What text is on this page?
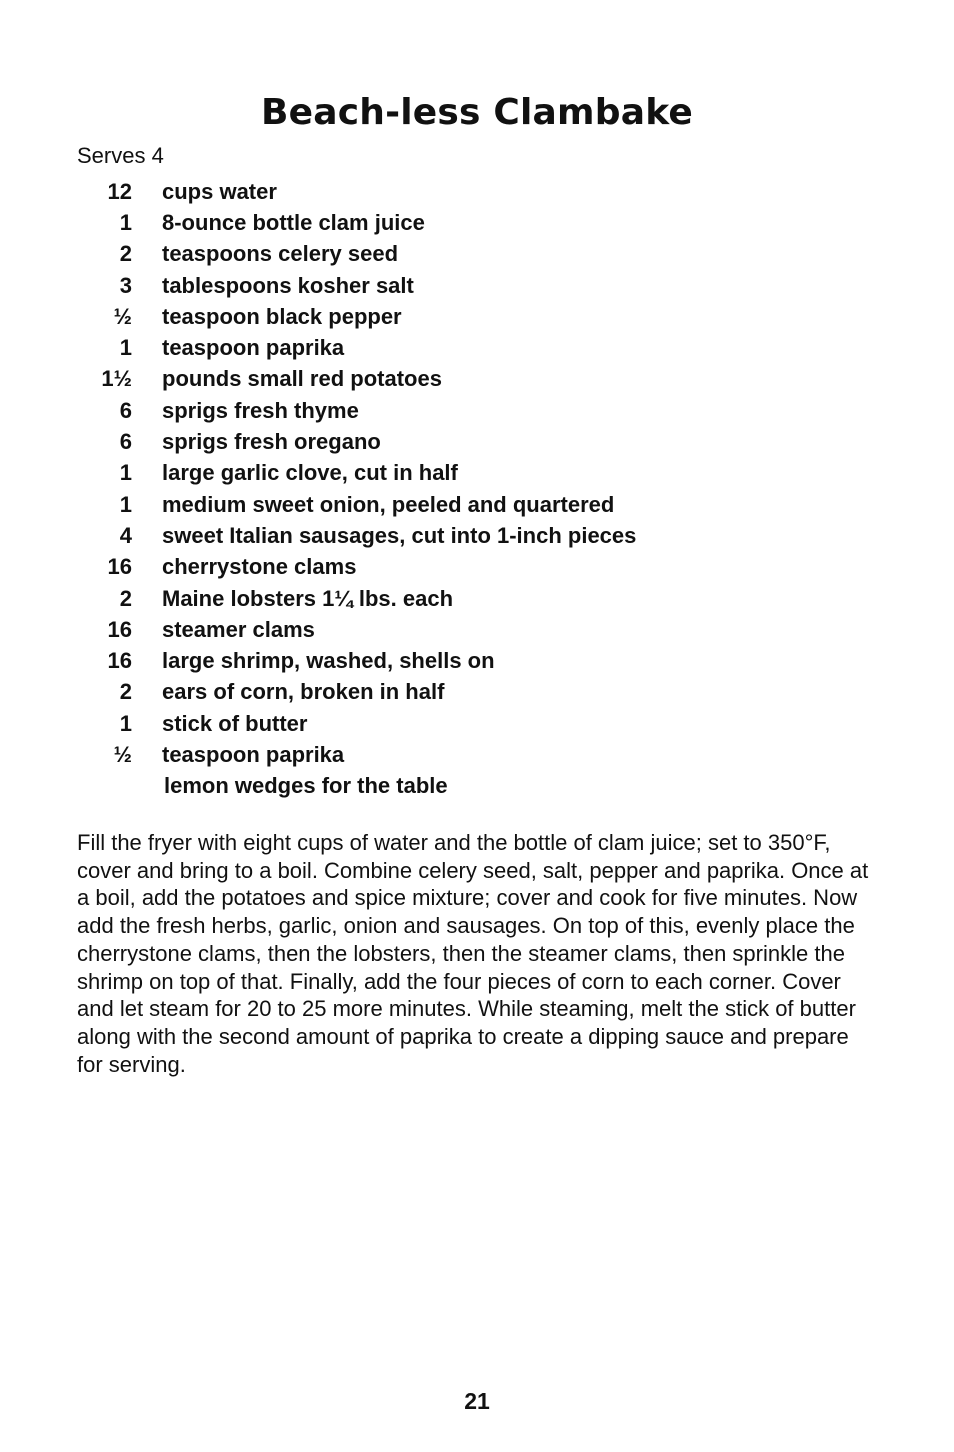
Beach-less Clambake
Serves 4
12	cups water
1	8-ounce bottle clam juice
2	teaspoons celery seed
3	tablespoons kosher salt
½	teaspoon black pepper
1	teaspoon paprika
1½	pounds small red potatoes
6	sprigs fresh thyme
6	sprigs fresh oregano
1	large garlic clove, cut in half
1	medium sweet onion, peeled and quartered
4	sweet Italian sausages, cut into 1-inch pieces
16	cherrystone clams
2	Maine lobsters 1¼ lbs. each
16	steamer clams
16	large shrimp, washed, shells on
2	ears of corn, broken in half
1	stick of butter
½	teaspoon paprika
lemon wedges for the table

Fill the fryer with eight cups of water and the bottle of clam juice; set to 350°F, cover and bring to a boil. Combine celery seed, salt, pepper and paprika. Once at a boil, add the potatoes and spice mixture; cover and cook for five minutes. Now add the fresh herbs, garlic, onion and sausages. On top of this, evenly place the cherrystone clams, then the lobsters, then the steamer clams, then sprinkle the shrimp on top of that. Finally, add the four pieces of corn to each corner. Cover and let steam for 20 to 25 more minutes. While steaming, melt the stick of butter along with the second amount of paprika to create a dipping sauce and prepare for serving.

21
